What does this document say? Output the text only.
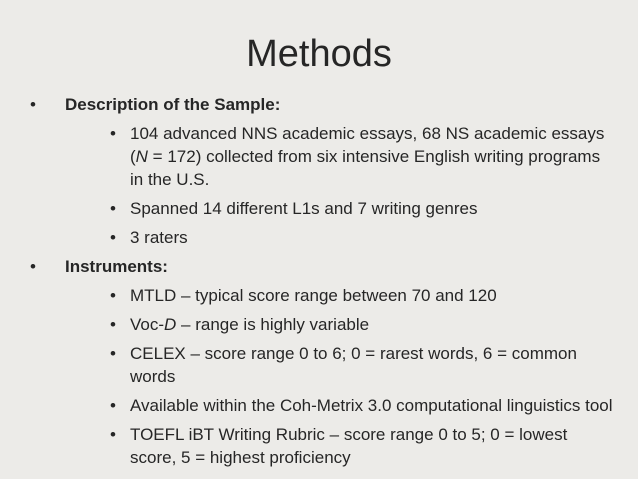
Methods
• Description of the Sample:
• 104 advanced NNS academic essays, 68 NS academic essays (N = 172) collected from six intensive English writing programs in the U.S.
• Spanned 14 different L1s and 7 writing genres
• 3 raters
• Instruments:
• MTLD – typical score range between 70 and 120
• Voc-D – range is highly variable
• CELEX – score range 0 to 6; 0 = rarest words, 6 = common words
• Available within the Coh-Metrix 3.0 computational linguistics tool
• TOEFL iBT Writing Rubric – score range 0 to 5; 0 = lowest score, 5 = highest proficiency
